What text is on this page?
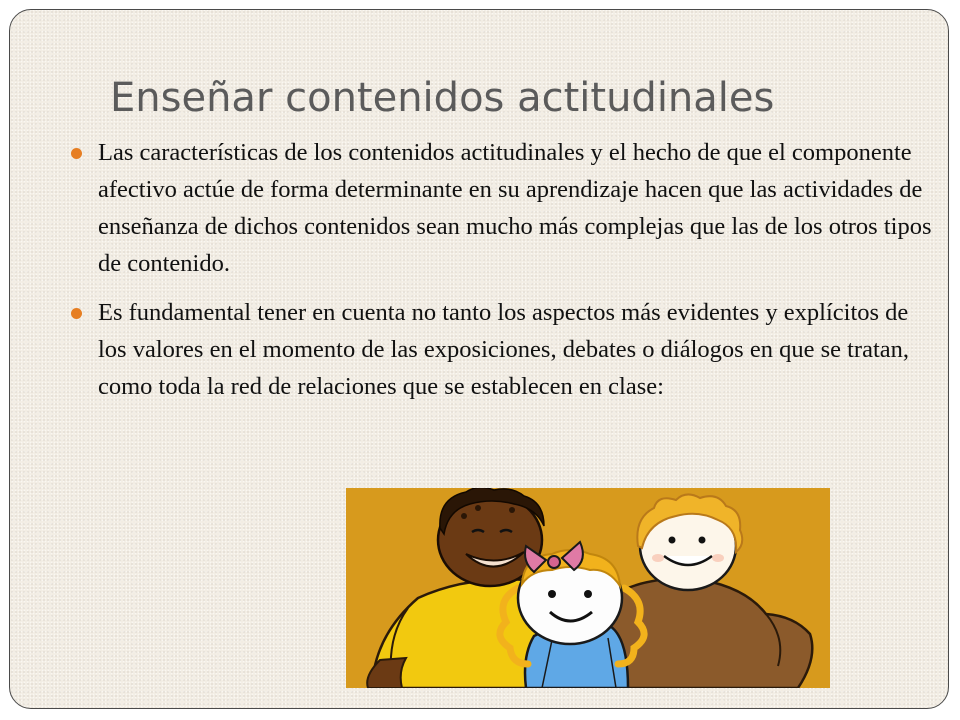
Enseñar contenidos actitudinales
Las características de los contenidos actitudinales y el hecho de que el componente afectivo actúe de forma determinante en su aprendizaje hacen que las actividades de enseñanza de dichos contenidos sean mucho más complejas que las de los otros tipos de contenido.
Es fundamental tener en cuenta no tanto los aspectos más evidentes y explícitos de los valores en el momento de las exposiciones, debates o diálogos en que se tratan, como toda la red de relaciones que se establecen en clase:
